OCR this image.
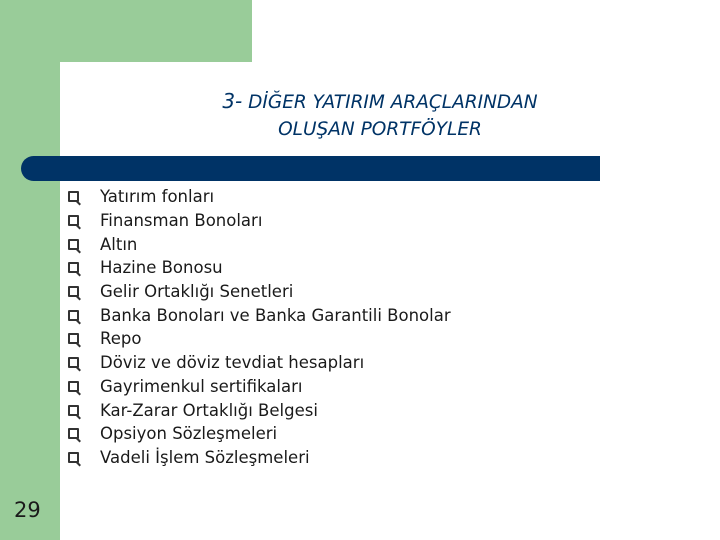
3- DİĞER YATIRIM ARAÇLARINDAN
OLUŞAN PORTFÖYLER
Yatırım fonları
Finansman Bonoları
Altın
Hazine Bonosu
Gelir Ortaklığı Senetleri
Banka Bonoları ve Banka Garantili Bonolar
Repo
Döviz ve döviz tevdiat hesapları
Gayrimenkul sertifikaları
Kar-Zarar Ortaklığı Belgesi
Opsiyon Sözleşmeleri
Vadeli İşlem Sözleşmeleri
29
